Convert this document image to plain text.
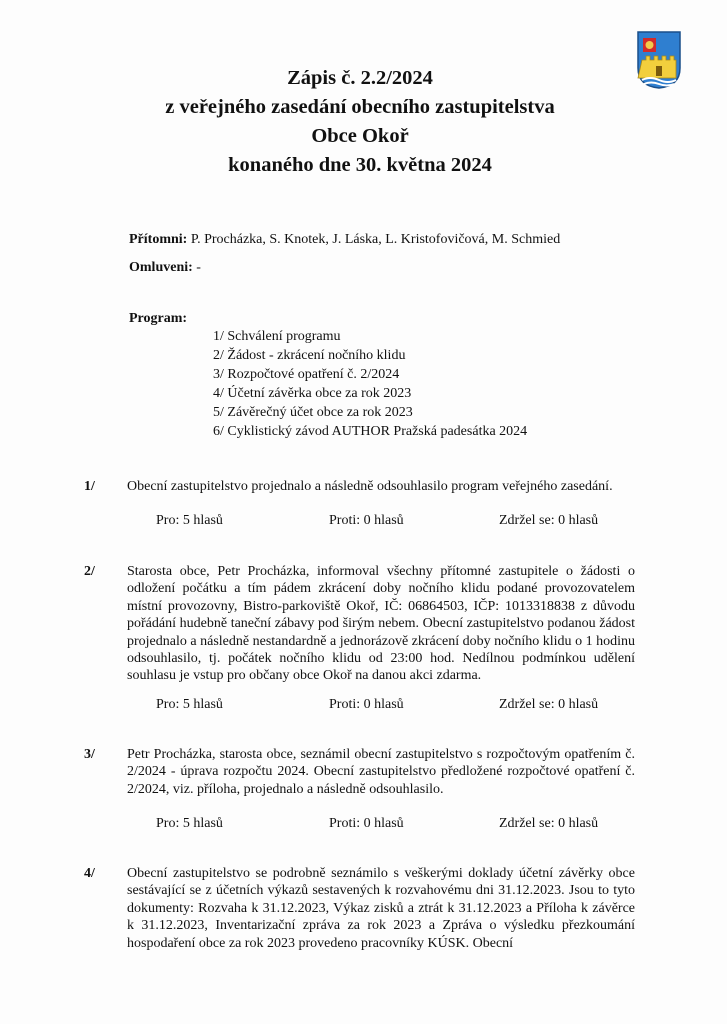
Zápis č. 2.2/2024
z veřejného zasedání obecního zastupitelstva
Obce Okoř
konaného dne 30. května 2024
Přítomni: P. Procházka, S. Knotek, J. Láska, L. Kristofovičová, M. Schmied
Omluveni: -
Program:
1/ Schválení programu
2/ Žádost - zkrácení nočního klidu
3/ Rozpočtové opatření č. 2/2024
4/ Účetní závěrka obce za rok 2023
5/ Závěrečný účet obce za rok 2023
6/ Cyklistický závod AUTHOR Pražská padesátka 2024
1/ Obecní zastupitelstvo projednalo a následně odsouhlasilo program veřejného zasedání.
Pro: 5 hlasů	Proti: 0 hlasů	Zdržel se: 0 hlasů
2/ Starosta obce, Petr Procházka, informoval všechny přítomné zastupitele o žádosti o odložení počátku a tím pádem zkrácení doby nočního klidu podané provozovatelem místní provozovny, Bistro-parkoviště Okoř, IČ: 06864503, IČP: 1013318838 z důvodu pořádání hudebně taneční zábavy pod širým nebem. Obecní zastupitelstvo podanou žádost projednalo a následně nestandardně a jednorázově zkrácení doby nočního klidu o 1 hodinu odsouhlasilo, tj. počátek nočního klidu od 23:00 hod. Nedílnou podmínkou udělení souhlasu je vstup pro občany obce Okoř na danou akci zdarma.
Pro: 5 hlasů	Proti: 0 hlasů	Zdržel se: 0 hlasů
3/ Petr Procházka, starosta obce, seznámil obecní zastupitelstvo s rozpočtovým opatřením č. 2/2024 - úprava rozpočtu 2024. Obecní zastupitelstvo předložené rozpočtové opatření č. 2/2024, viz. příloha, projednalo a následně odsouhlasilo.
Pro: 5 hlasů	Proti: 0 hlasů	Zdržel se: 0 hlasů
4/ Obecní zastupitelstvo se podrobně seznámilo s veškerými doklady účetní závěrky obce sestávající se z účetních výkazů sestavených k rozvahovému dni 31.12.2023. Jsou to tyto dokumenty: Rozvaha k 31.12.2023, Výkaz zisků a ztrát k 31.12.2023 a Příloha k závěrce k 31.12.2023, Inventarizační zpráva za rok 2023 a Zpráva o výsledku přezkoumání hospodaření obce za rok 2023 provedeno pracovníky KÚSK. Obecní
